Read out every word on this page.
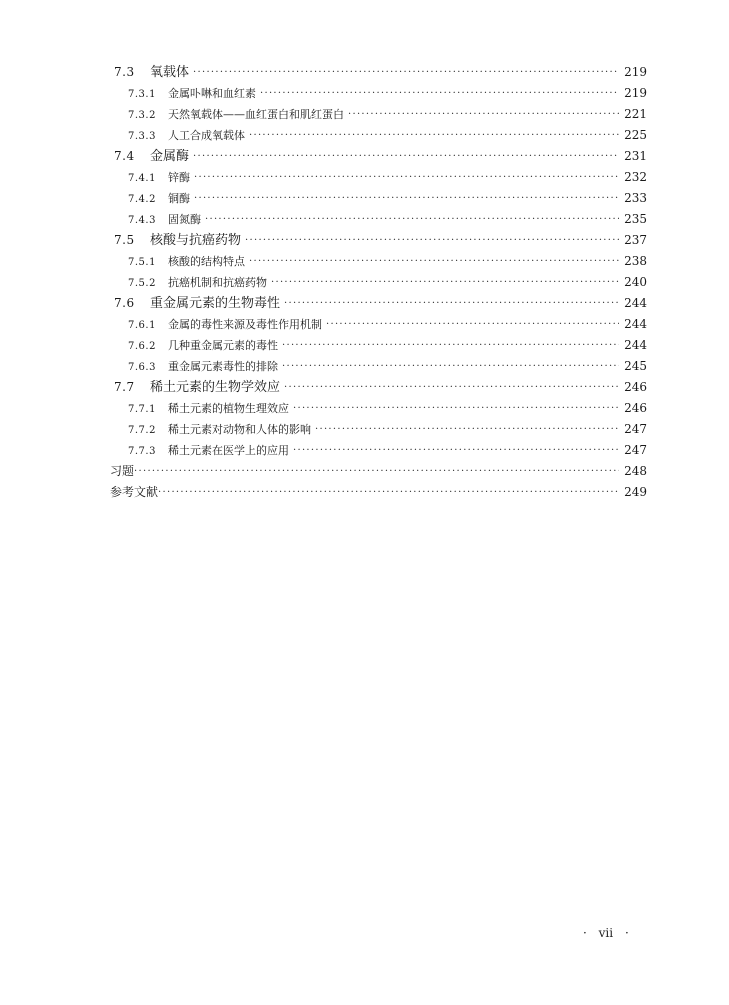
7.3	氧载体 ·····	219
7.3.1	金属卟啉和血红素 ·····	219
7.3.2	天然氧载体——血红蛋白和肌红蛋白 ·····	221
7.3.3	人工合成氧载体 ·····	225
7.4	金属酶 ·····	231
7.4.1	锌酶 ·····	232
7.4.2	铜酶 ·····	233
7.4.3	固氮酶 ·····	235
7.5	核酸与抗癌药物 ·····	237
7.5.1	核酸的结构特点 ·····	238
7.5.2	抗癌机制和抗癌药物 ·····	240
7.6	重金属元素的生物毒性 ·····	244
7.6.1	金属的毒性来源及毒性作用机制 ·····	244
7.6.2	几种重金属元素的毒性 ·····	244
7.6.3	重金属元素毒性的排除 ·····	245
7.7	稀土元素的生物学效应 ·····	246
7.7.1	稀土元素的植物生理效应 ·····	246
7.7.2	稀土元素对动物和人体的影响 ·····	247
7.7.3	稀土元素在医学上的应用 ·····	247
习题 ·····	248
参考文献 ·····	249
· vii ·
